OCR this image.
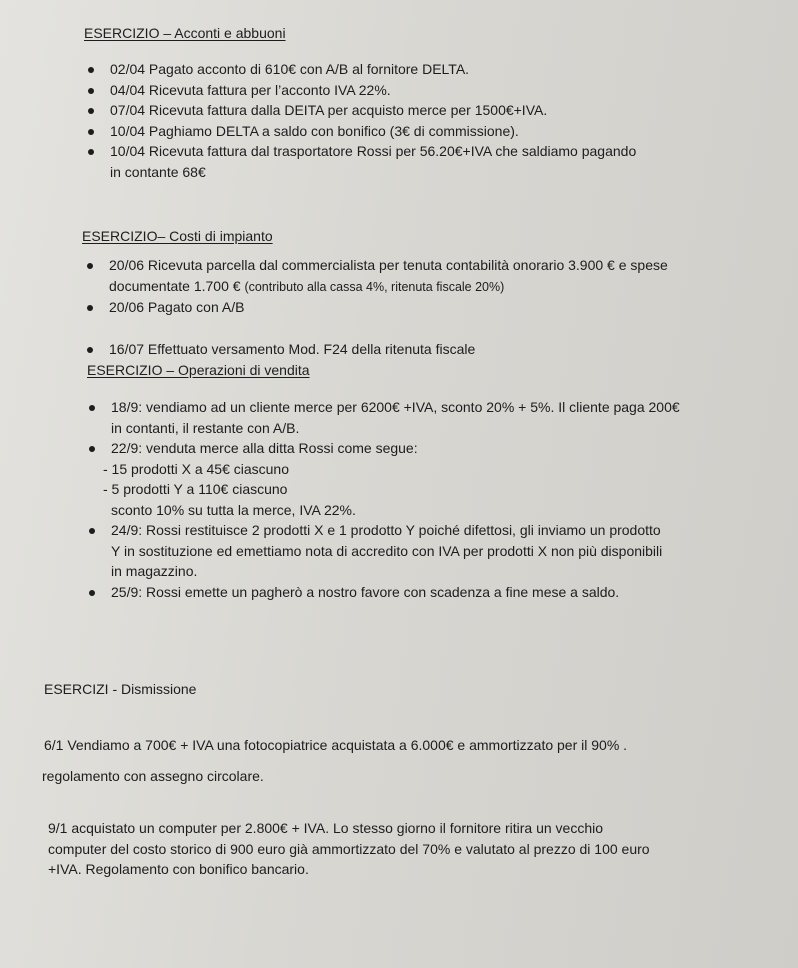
ESERCIZIO – Acconti e abbuoni
02/04 Pagato acconto di 610€ con A/B al fornitore DELTA.
04/04 Ricevuta fattura per l’acconto IVA 22%.
07/04 Ricevuta fattura dalla DEITA per acquisto merce per 1500€+IVA.
10/04 Paghiamo DELTA a saldo con bonifico (3€ di commissione).
10/04 Ricevuta fattura dal trasportatore Rossi per 56.20€+IVA che saldiamo pagando
in contante 68€
ESERCIZIO– Costi di impianto
20/06 Ricevuta parcella dal commercialista per tenuta contabilità onorario 3.900 € e spese
documentate 1.700 € (contributo alla cassa 4%, ritenuta fiscale 20%)
20/06 Pagato con A/B
16/07 Effettuato versamento Mod. F24 della ritenuta fiscale
ESERCIZIO – Operazioni di vendita
18/9: vendiamo ad un cliente merce per 6200€ +IVA, sconto 20% + 5%. Il cliente paga 200€
in contanti, il restante con A/B.
22/9: venduta merce alla ditta Rossi come segue:
- 15 prodotti X a 45€ ciascuno
- 5 prodotti Y a 110€ ciascuno
sconto 10% su tutta la merce, IVA 22%.
24/9: Rossi restituisce 2 prodotti X e 1 prodotto Y poiché difettosi, gli inviamo un prodotto
Y in sostituzione ed emettiamo nota di accredito con IVA per prodotti X non più disponibili
in magazzino.
25/9: Rossi emette un pagherò a nostro favore con scadenza a fine mese a saldo.
ESERCIZI - Dismissione
6/1 Vendiamo a 700€ + IVA una fotocopiatrice acquistata a 6.000€ e ammortizzato per il 90% .
regolamento con assegno circolare.
9/1 acquistato un computer per 2.800€ + IVA. Lo stesso giorno il fornitore ritira un vecchio
computer del costo storico di 900 euro già ammortizzato del 70% e valutato al prezzo di 100 euro
+IVA. Regolamento con bonifico bancario.
